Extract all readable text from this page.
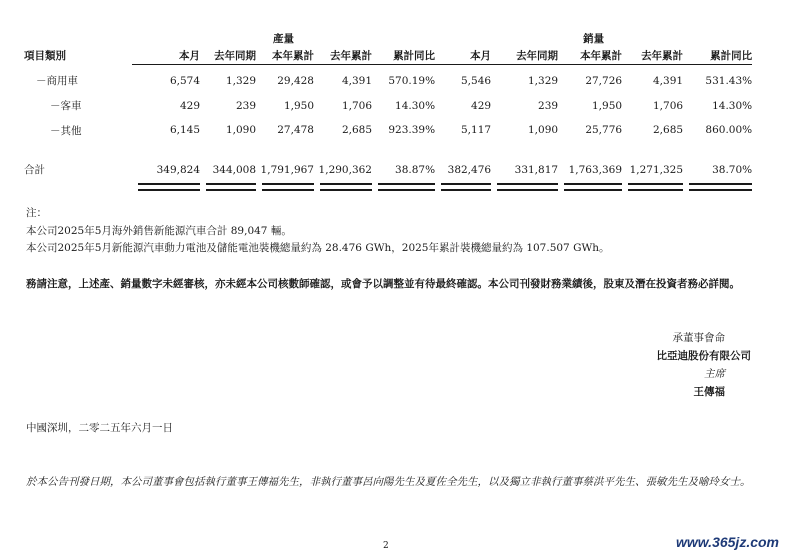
	產量					銷量				
項目類別	本月	去年同期	本年累計	去年累計	累計同比	本月	去年同期	本年累計	去年累計	累計同比

－商用車	6,574	1,329	29,428	4,391	570.19%	5,546	1,329	27,726	4,391	531.43%
－客車	429	239	1,950	1,706	14.30%	429	239	1,950	1,706	14.30%
－其他	6,145	1,090	27,478	2,685	923.39%	5,117	1,090	25,776	2,685	860.00%

合計	349,824	344,008	1,791,967	1,290,362	38.87%	382,476	331,817	1,763,369	1,271,325	38.70%

注：
本公司2025年5月海外銷售新能源汽車合計 89,047 輛。
本公司2025年5月新能源汽車動力電池及儲能電池裝機總量約為 28.476 GWh，2025年累計裝機總量約為 107.507 GWh。
務請注意，上述產、銷量數字未經審核，亦未經本公司核數師確認，或會予以調整並有待最終確認。本公司刊發財務業績後，股東及潛在投資者務必詳閱。
承董事會命
比亞迪股份有限公司
主席
王傳福
中國深圳，二零二五年六月一日
於本公告刊發日期，本公司董事會包括執行董事王傳福先生，非執行董事呂向陽先生及夏佐全先生，以及獨立非執行董事蔡洪平先生、張敏先生及喻玲女士。
2	www.365jz.com
